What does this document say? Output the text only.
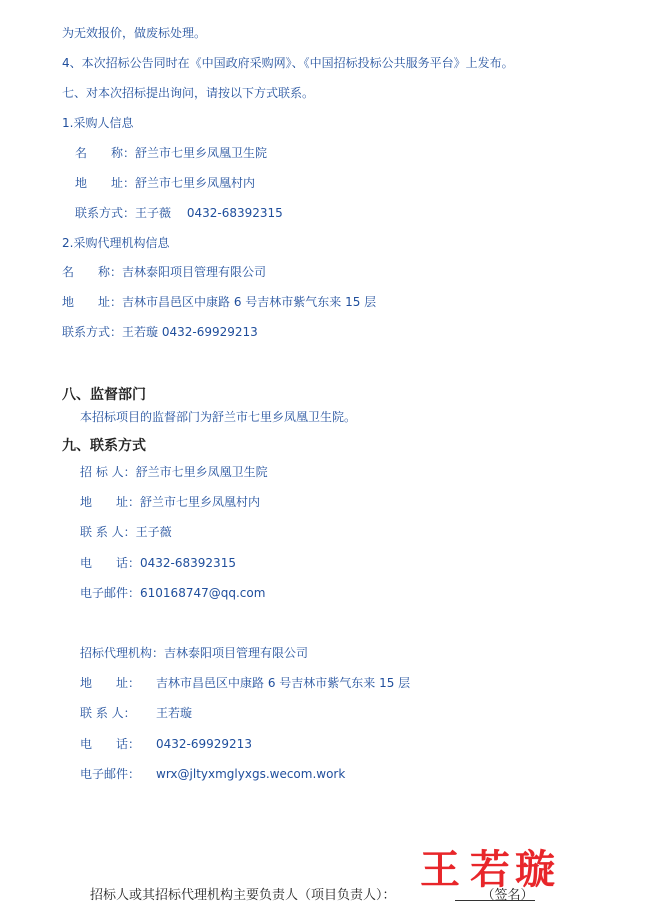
为无效报价，做废标处理。
4、本次招标公告同时在《中国政府采购网》、《中国招标投标公共服务平台》上发布。
七、对本次招标提出询问，请按以下方式联系。
1.采购人信息
名　　称：舒兰市七里乡凤凰卫生院
地　　址：舒兰市七里乡凤凰村内
联系方式：王子薇　 0432-68392315
2.采购代理机构信息
名　　称：吉林泰阳项目管理有限公司
地　　址：吉林市昌邑区中康路 6 号吉林市紫气东来 15 层
联系方式：王若璇 0432-69929213
八、监督部门
本招标项目的监督部门为舒兰市七里乡凤凰卫生院。
九、联系方式
招 标 人：舒兰市七里乡凤凰卫生院
地　　址：舒兰市七里乡凤凰村内
联 系 人：王子薇
电　　话：0432-68392315
电子邮件：610168747@qq.com
招标代理机构：吉林泰阳项目管理有限公司
地　　址： 吉林市昌邑区中康路 6 号吉林市紫气东来 15 层
联 系 人： 王若璇
电　　话： 0432-69929213
电子邮件： wrx@jltyxmglyxgs.wecom.work
招标人或其招标代理机构主要负责人（项目负责人）：	（签名）
王 若 璇
